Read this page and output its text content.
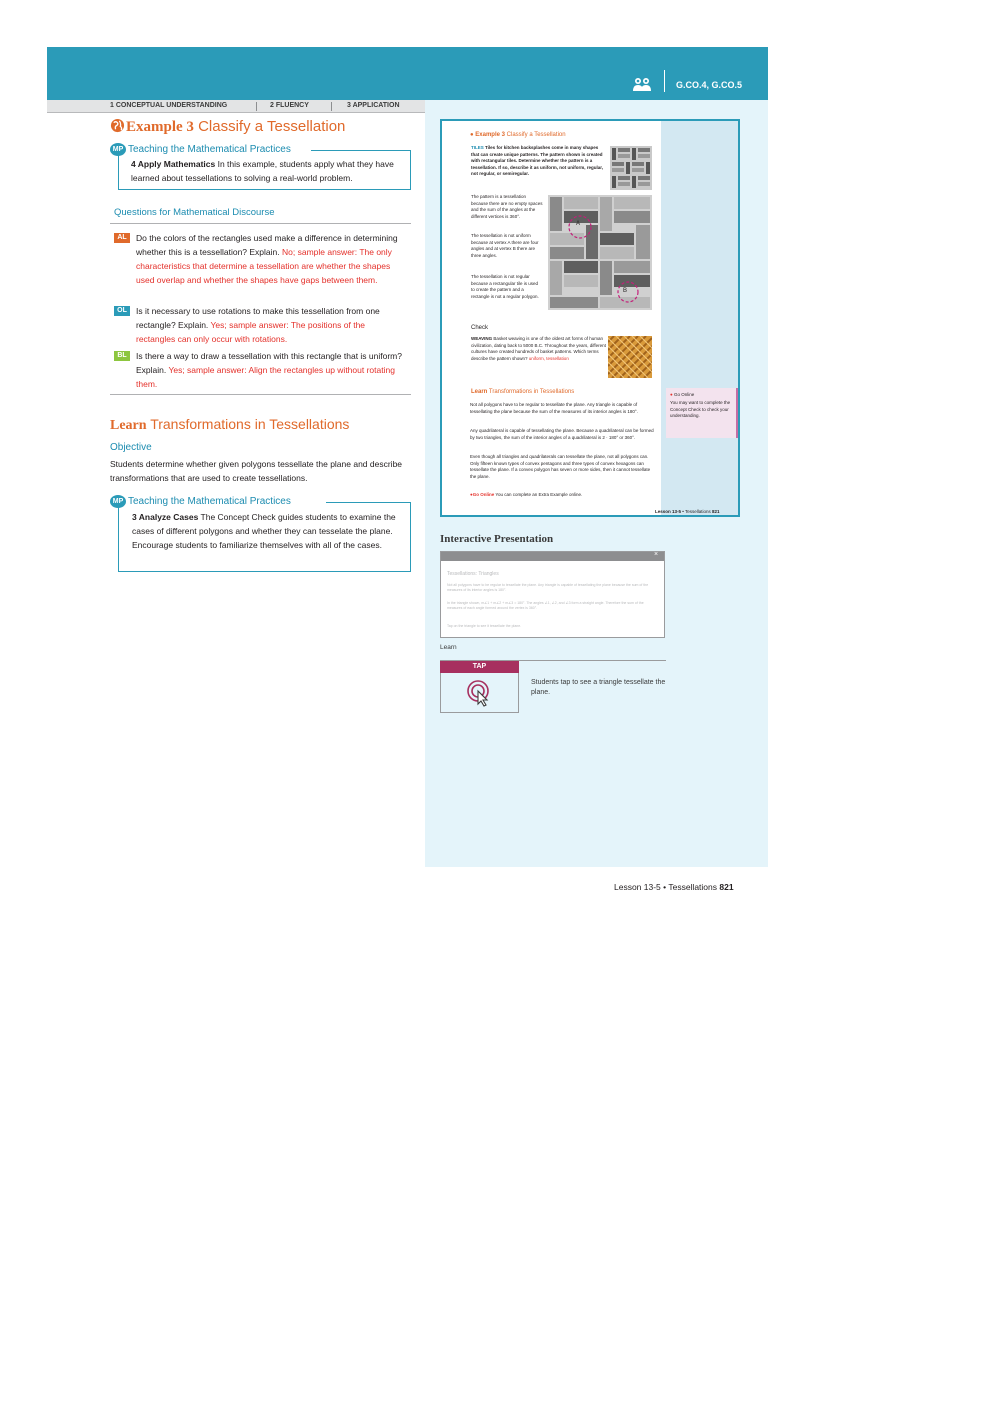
G.CO.4, G.CO.5
1 CONCEPTUAL UNDERSTANDING	2 FLUENCY	3 APPLICATION
Example 3 Classify a Tessellation
MP Teaching the Mathematical Practices
4 Apply Mathematics In this example, students apply what they have learned about tessellations to solving a real-world problem.
Questions for Mathematical Discourse
AL	Do the colors of the rectangles used make a difference in determining whether this is a tessellation? Explain. No; sample answer: The only characteristics that determine a tessellation are whether the shapes used overlap and whether the shapes have gaps between them.
OL	Is it necessary to use rotations to make this tessellation from one rectangle? Explain. Yes; sample answer: The positions of the rectangles can only occur with rotations.
BL	Is there a way to draw a tessellation with this rectangle that is uniform? Explain. Yes; sample answer: Align the rectangles up without rotating them.
Learn Transformations in Tessellations
Objective
Students determine whether given polygons tessellate the plane and describe transformations that are used to create tessellations.
MP Teaching the Mathematical Practices
3 Analyze Cases The Concept Check guides students to examine the cases of different polygons and whether they can tesselate the plane. Encourage students to familiarize themselves with all of the cases.
● Example 3 Classify a Tessellation
TILES Tiles for kitchen backsplashes come in many shapes that can create unique patterns. The pattern shown is created with rectangular tiles. Determine whether the pattern is a tessellation. If so, describe it as uniform, not uniform, regular, not regular, or semiregular.
The pattern is a tessellation because there are no empty spaces and the sum of the angles at the different vertices is 360°.
The tessellation is not uniform because at vertex A there are four angles and at vertex B there are three angles.
The tessellation is not regular because a rectangular tile is used to create the pattern and a rectangle is not a regular polygon.
A
B
Check
WEAVING Basket weaving is one of the oldest art forms of human civilization, dating back to 5000 B.C. Throughout the years, different cultures have created hundreds of basket patterns. Which terms describe the pattern shown? uniform, tessellation
Learn Transformations in Tessellations
Not all polygons have to be regular to tessellate the plane. Any triangle is capable of tessellating the plane because the sum of the measures of its interior angles is 180°.
Any quadrilateral is capable of tessellating the plane. Because a quadrilateral can be formed by two triangles, the sum of the interior angles of a quadrilateral is 2 · 180° or 360°.
Even though all triangles and quadrilaterals can tessellate the plane, not all polygons can. Only fifteen known types of convex pentagons and three types of convex hexagons can tessellate the plane. If a convex polygon has seven or more sides, then it cannot tessellate the plane.
●Go Online You can complete an Extra Example online.
Lesson 13-5 • Tessellations 821
● Go Online
You may want to complete the Concept Check to check your understanding.
Interactive Presentation
×
Tessellations: Triangles
Not all polygons have to be regular to tessellate the plane. Any triangle is capable of tessellating the plane because the sum of the measures of its interior angles is 180°.
In the triangle shown, m∠1 + m∠2 + m∠3 = 180°. The angles ∠1, ∠2, and ∠3 form a straight angle. Therefore the sum of the measures of each angle formed around the vertex is 360°.
Tap on the triangle to see it tessellate the plane.
Learn
TAP
Students tap to see a triangle tessellate the plane.
Lesson 13-5 • Tessellations 821
